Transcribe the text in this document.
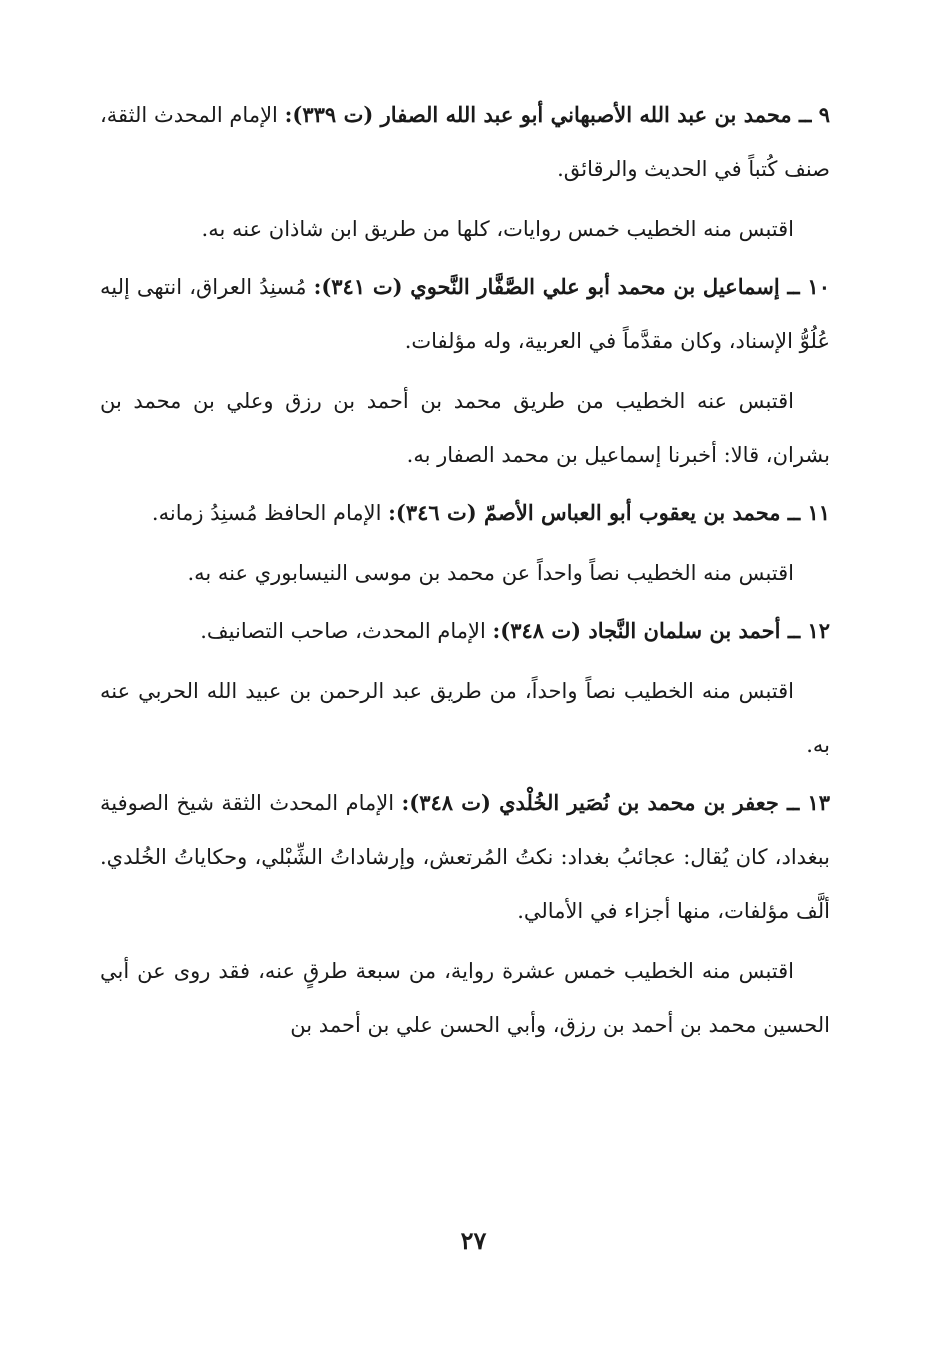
٩ ــ محمد بن عبد الله الأصبهاني أبو عبد الله الصفار (ت ٣٣٩): الإمام المحدث الثقة، صنف كُتباً في الحديث والرقائق.

اقتبس منه الخطيب خمس روايات، كلها من طريق ابن شاذان عنه به.

١٠ ــ إسماعيل بن محمد أبو علي الصَّفَّار النَّحوي (ت ٣٤١): مُسنِدُ العراق، انتهى إليه عُلُوُّ الإسناد، وكان مقدَّماً في العربية، وله مؤلفات.

اقتبس عنه الخطيب من طريق محمد بن أحمد بن رزق وعلي بن محمد بن بشران، قالا: أخبرنا إسماعيل بن محمد الصفار به.

١١ ــ محمد بن يعقوب أبو العباس الأصمّ (ت ٣٤٦): الإمام الحافظ مُسنِدُ زمانه.

اقتبس منه الخطيب نصاً واحداً عن محمد بن موسى النيسابوري عنه به.

١٢ ــ أحمد بن سلمان النَّجاد (ت ٣٤٨): الإمام المحدث، صاحب التصانيف.

اقتبس منه الخطيب نصاً واحداً، من طريق عبد الرحمن بن عبيد الله الحربي عنه به.

١٣ ــ جعفر بن محمد بن نُصَير الخُلْدي (ت ٣٤٨): الإمام المحدث الثقة شيخ الصوفية ببغداد، كان يُقال: عجائبُ بغداد: نكتُ المُرتعش، وإرشاداتُ الشِّبْلي، وحكاياتُ الخُلدي. ألَّف مؤلفات، منها أجزاء في الأمالي.

اقتبس منه الخطيب خمس عشرة رواية، من سبعة طرقٍ عنه، فقد روى عن أبي الحسين محمد بن أحمد بن رزق، وأبي الحسن علي بن أحمد بن

٢٧
